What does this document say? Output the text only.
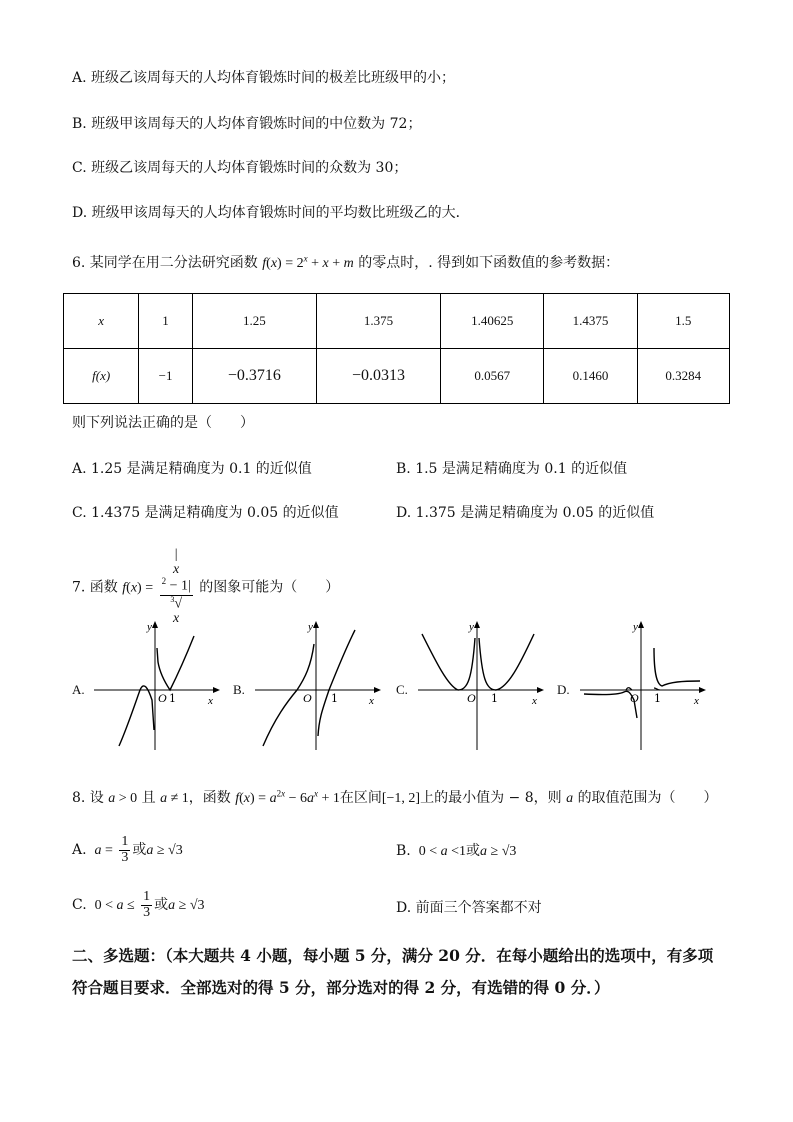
A. 班级乙该周每天的人均体育锻炼时间的极差比班级甲的小；
B. 班级甲该周每天的人均体育锻炼时间的中位数为 72；
C. 班级乙该周每天的人均体育锻炼时间的众数为 30；
D. 班级甲该周每天的人均体育锻炼时间的平均数比班级乙的大．
6. 某同学在用二分法研究函数 $f(x) = 2^x + x + m$ 的零点时，. 得到如下函数值的参考数据：
x	1	1.25	1.375	1.40625	1.4375	1.5
f(x)	−1	−0.3716	−0.0313	0.0567	0.1460	0.3284
则下列说法正确的是（　　）
A. 1.25 是满足精确度为 0.1 的近似值	B. 1.5 是满足精确度为 0.1 的近似值
C. 1.4375 是满足精确度为 0.05 的近似值	D. 1.375 是满足精确度为 0.05 的近似值
7. 函数 f(x) = |
x
$^2$ − 1|
$^3$√
x 的图象可能为（　　）
A.	B.	C.	D.
y
x
O 1
y
x
O 1
y
x
O 1
y
x
O 1
8. 设 a > 0 且 a ≠ 1，函数 $f(x) = a^{2x} - 6a^x + 1$在区间[−1, 2]上的最小值为 − 8，则 a 的取值范围为（　　）
A.  $a = \frac{1}{3}$ 或a ≥ √3	B.  0 < a <1或a ≥ √3
C.  $0 < a \le \frac{1}{3}$ 或a ≥ √3	D. 前面三个答案都不对
二、多选题：（本大题共 4 小题，每小题 5 分，满分 20 分．在每小题给出的选项中，有多项
符合题目要求．全部选对的得 5 分，部分选对的得 2 分，有选错的得 0 分．）
